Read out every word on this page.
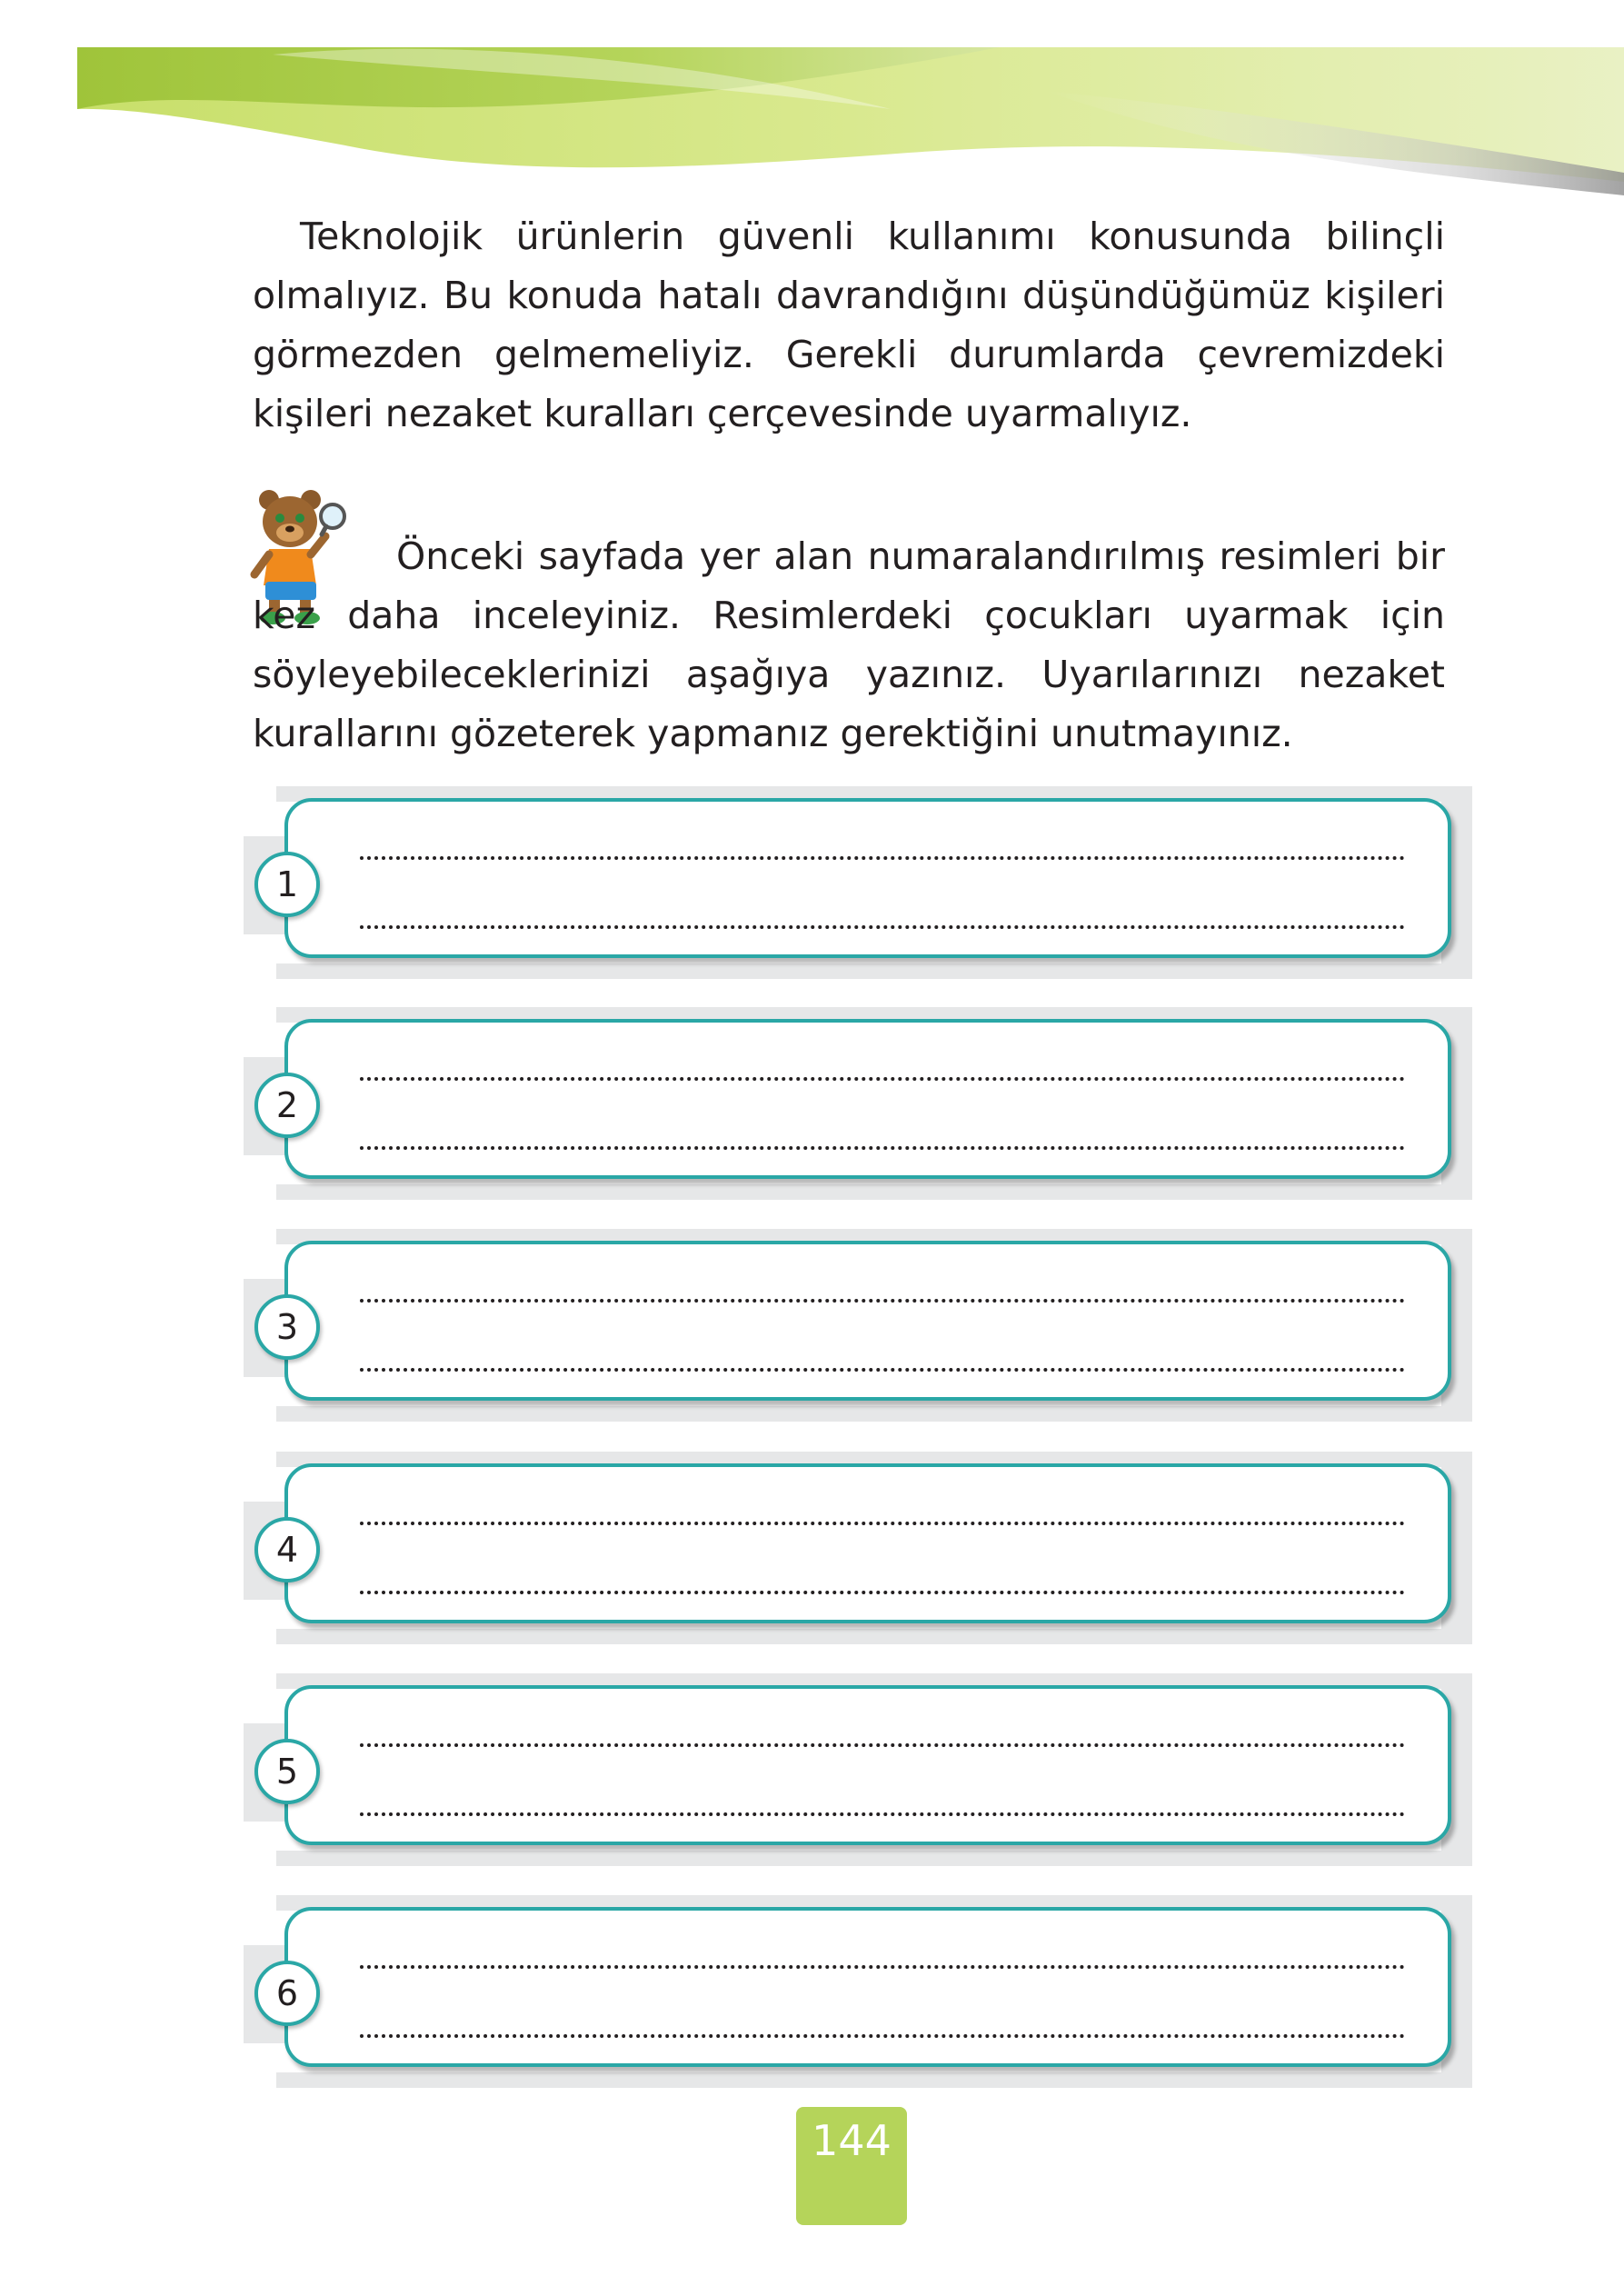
Teknolojik ürünlerin güvenli kullanımı konusunda bilinçli olmalıyız. Bu konuda hatalı davrandığını düşündüğümüz kişileri görmezden gelmemeliyiz. Gerekli durumlarda çevremizdeki kişileri nezaket kuralları çerçevesinde uyarmalıyız.

Önceki sayfada yer alan numaralandırılmış resimleri bir kez daha inceleyiniz. Resimlerdeki çocukları uyarmak için söyleyebileceklerinizi aşağıya yazınız. Uyarılarınızı nezaket kurallarını gözeterek yapmanız gerektiğini unutmayınız.

1
2
3
4
5
6
144
